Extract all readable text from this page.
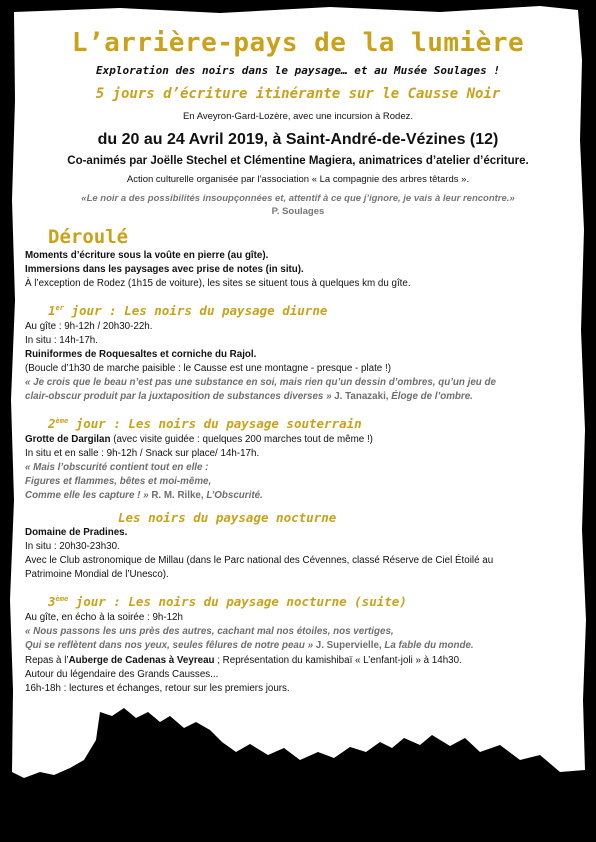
L’arrière-pays de la lumière

Exploration des noirs dans le paysage… et au Musée Soulages !

5 jours d’écriture itinérante sur le Causse Noir

En Aveyron-Gard-Lozère, avec une incursion à Rodez.

du 20 au 24 Avril 2019, à Saint-André-de-Vézines (12)

Co-animés par Joëlle Stechel et Clémentine Magiera, animatrices d’atelier d’écriture.

Action culturelle organisée par l’association « La compagnie des arbres têtards ».

«Le noir a des possibilités insoupçonnées et, attentif à ce que j’ignore, je vais à leur rencontre.»

P. Soulages

Déroulé

Moments d’écriture sous la voûte en pierre (au gîte).

Immersions dans les paysages avec prise de notes (in situ).

À l’exception de Rodez (1h15 de voiture), les sites se situent tous à quelques km du gîte.

1er jour : Les noirs du paysage diurne

Au gîte : 9h-12h / 20h30-22h.

In situ : 14h-17h.

Ruiniformes de Roquesaltes et corniche du Rajol.

(Boucle d’1h30 de marche paisible : le Causse est une montagne - presque - plate !)

« Je crois que le beau n’est pas une substance en soi, mais rien qu’un dessin d’ombres, qu’un jeu de

clair-obscur produit par la juxtaposition de substances diverses » J. Tanazaki, Éloge de l’ombre.

2ème jour : Les noirs du paysage souterrain

Grotte de Dargilan (avec visite guidée : quelques 200 marches tout de même !)

In situ et en salle : 9h-12h / Snack sur place/ 14h-17h.

« Mais l’obscurité contient tout en elle :

Figures et flammes, bêtes et moi-même,

Comme elle les capture ! » R. M. Rilke, L’Obscurité.

Les noirs du paysage nocturne

Domaine de Pradines.

In situ : 20h30-23h30.

Avec le Club astronomique de Millau (dans le Parc national des Cévennes, classé Réserve de Ciel Étoilé au

Patrimoine Mondial de l’Unesco).

3ème jour : Les noirs du paysage nocturne (suite)

Au gîte, en écho à la soirée : 9h-12h

« Nous passons les uns près des autres, cachant mal nos étoiles, nos vertiges,

Qui se reflètent dans nos yeux, seules fêlures de notre peau » J. Supervielle, La fable du monde.

Repas à l’Auberge de Cadenas à Veyreau ; Représentation du kamishibaï « L’enfant-joli » à 14h30.

Autour du légendaire des Grands Causses...

16h-18h : lectures et échanges, retour sur les premiers jours.
